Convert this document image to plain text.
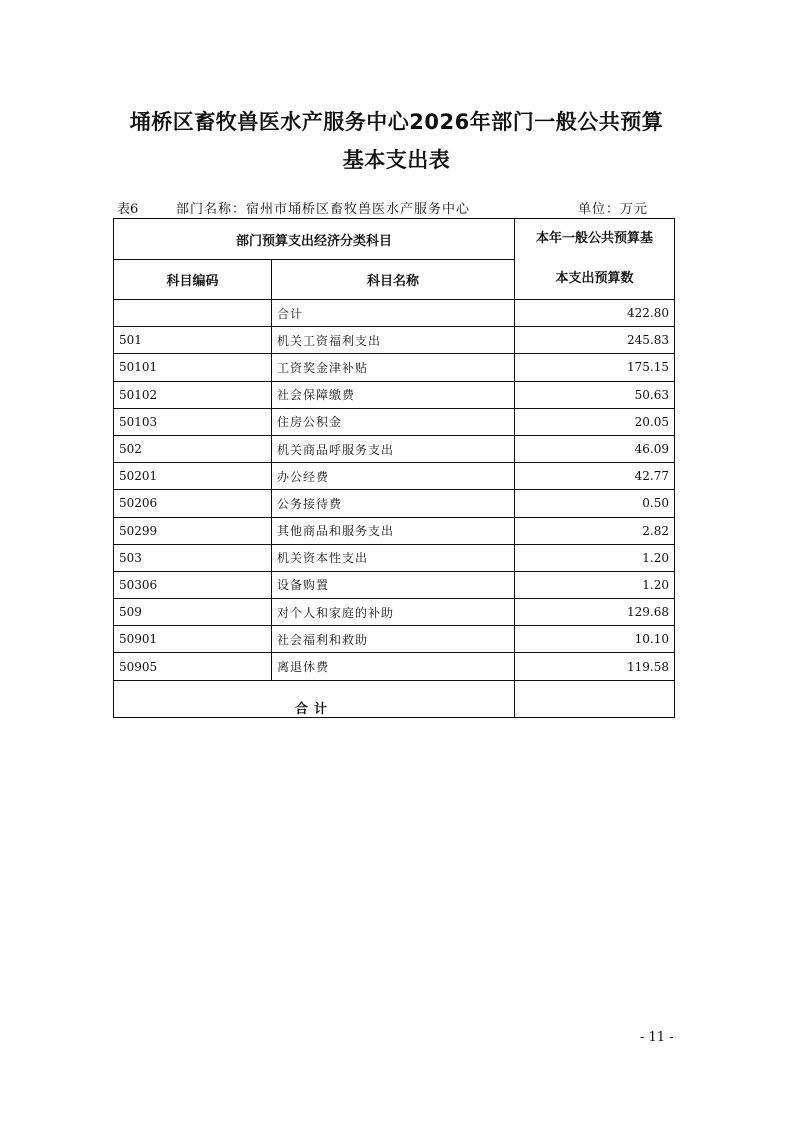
埇桥区畜牧兽医水产服务中心2026年部门一般公共预算
基本支出表
表6	部门名称：宿州市埇桥区畜牧兽医水产服务中心	单位：万元
部门预算支出经济分类科目		本年一般公共预算基
本支出预算数

科目编码	科目名称	
	合计	422.80
501	机关工资福利支出	245.83
50101	工资奖金津补贴	175.15
50102	社会保障缴费	50.63
50103	住房公积金	20.05
502	机关商品呼服务支出	46.09
50201	办公经费	42.77
50206	公务接待费	0.50
50299	其他商品和服务支出	2.82
503	机关资本性支出	1.20
50306	设备购置	1.20
509	对个人和家庭的补助	129.68
50901	社会福利和救助	10.10
50905	离退休费	119.58
合计		
- 11 -
